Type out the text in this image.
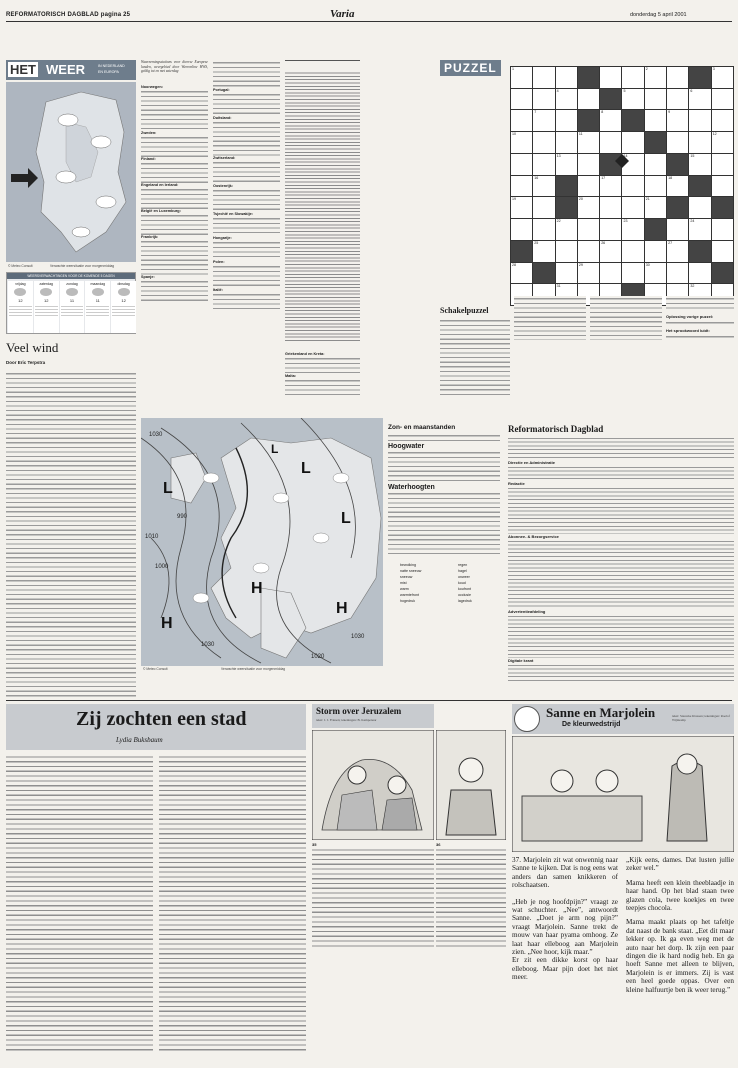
REFORMATORISCH DAGBLAD pagina 25	Varia	donderdag 5 april 2001
HET WEER	IN NEDERLAND
EN EUROPA
© Meteo Consult	Verwachte weersituatie voor morgenmiddag
WEERSVERWACHTINGEN VOOR DE KOMENDE 5 DAGEN
vrijdag
12
zaterdag
12
zondag
11
maandag
11
dinsdag
12
Veel wind
Door Eric Terpstra
Waarnemingsstations voor diverse Europese landen, weergebied door Weeronline HWS, geldig tot en met zaterdag
Noorwegen:
Zweden:
Finland:
Engeland en Ierland:
België en Luxemburg:
Frankrijk:
Spanje:
Portugal:
Duitsland:
Zwitserland:
Oostenrijk:
Tsjechië en Slowakije:
Hongarije:
Polen:
Italië:
Griekenland en Kreta:
Malta:
L
L
L
H
H
L
H
1030
1010
1000
990
1030
1020
1030
© Meteo Consult	Verwachte weersituatie voor morgenmiddag
Zon- en maanstanden
Hoogwater
Waterhoogten
bewolking	regen
natte sneeuw	hagel
sneeuw	onweer
mist	koud
warm	koufront
warmtefront	occlusie
hogedruk	lagedruk
Reformatorisch Dagblad
Directie en Administratie
Redactie
Abonnee- & Bezorgservice
Advertentieafdeling
Digitale krant
PUZZEL	1	2	3
4	5	6
7	8	9
10	11	12
13	14	15
16	17	18
19	20	21
22	23	24
25	26	27
28	29	30
31	32
Schakelpuzzel
Oplossing vorige puzzel:
Het sprookwoord luidt:
Zij zochten een stad
Lydia Buksbaum
Storm over Jeruzalem
tekst: J. J. Friesen; tekeningen: B. Kempenaar
35	36
Sanne en Marjolein
De kleurwedstrijd
tekst: Sieuwke Klaasen; tekeningen: Roelof Wijnkamp
37. Marjolein zit wat onwennig naar Sanne te kijken. Dat is nog eens wat anders dan samen knikkeren of rolschaatsen.

„Heb je nog hoofdpijn?” vraagt ze wat schuchter. „Nee”, antwoordt Sanne. „Doet je arm nog pijn?” vraagt Marjolein. Sanne trekt de mouw van haar pyama omhoog. Ze laat haar elleboog aan Marjolein zien. „Nee hoor, kijk maar.”

Er zit een dikke korst op haar elleboog. Maar pijn doet het niet meer.

„Kijk eens, dames. Dat lusten jullie zeker wel.”

Mama heeft een klein theeblaadje in haar hand. Op het blad staan twee glazen cola, twee koekjes en twee teepjes chocola.

Mama maakt plaats op het tafeltje dat naast de bank staat. „Eet dit maar lekker op. Ik ga even weg met de auto naar het dorp. Ik zijn een paar dingen die ik hard nodig heb. En ga hoeft Sanne met alleen te blijven, Marjolein is er immers. Zij is vast een heel goede oppas. Over een kleine halfuurtje ben ik weer terug.”
